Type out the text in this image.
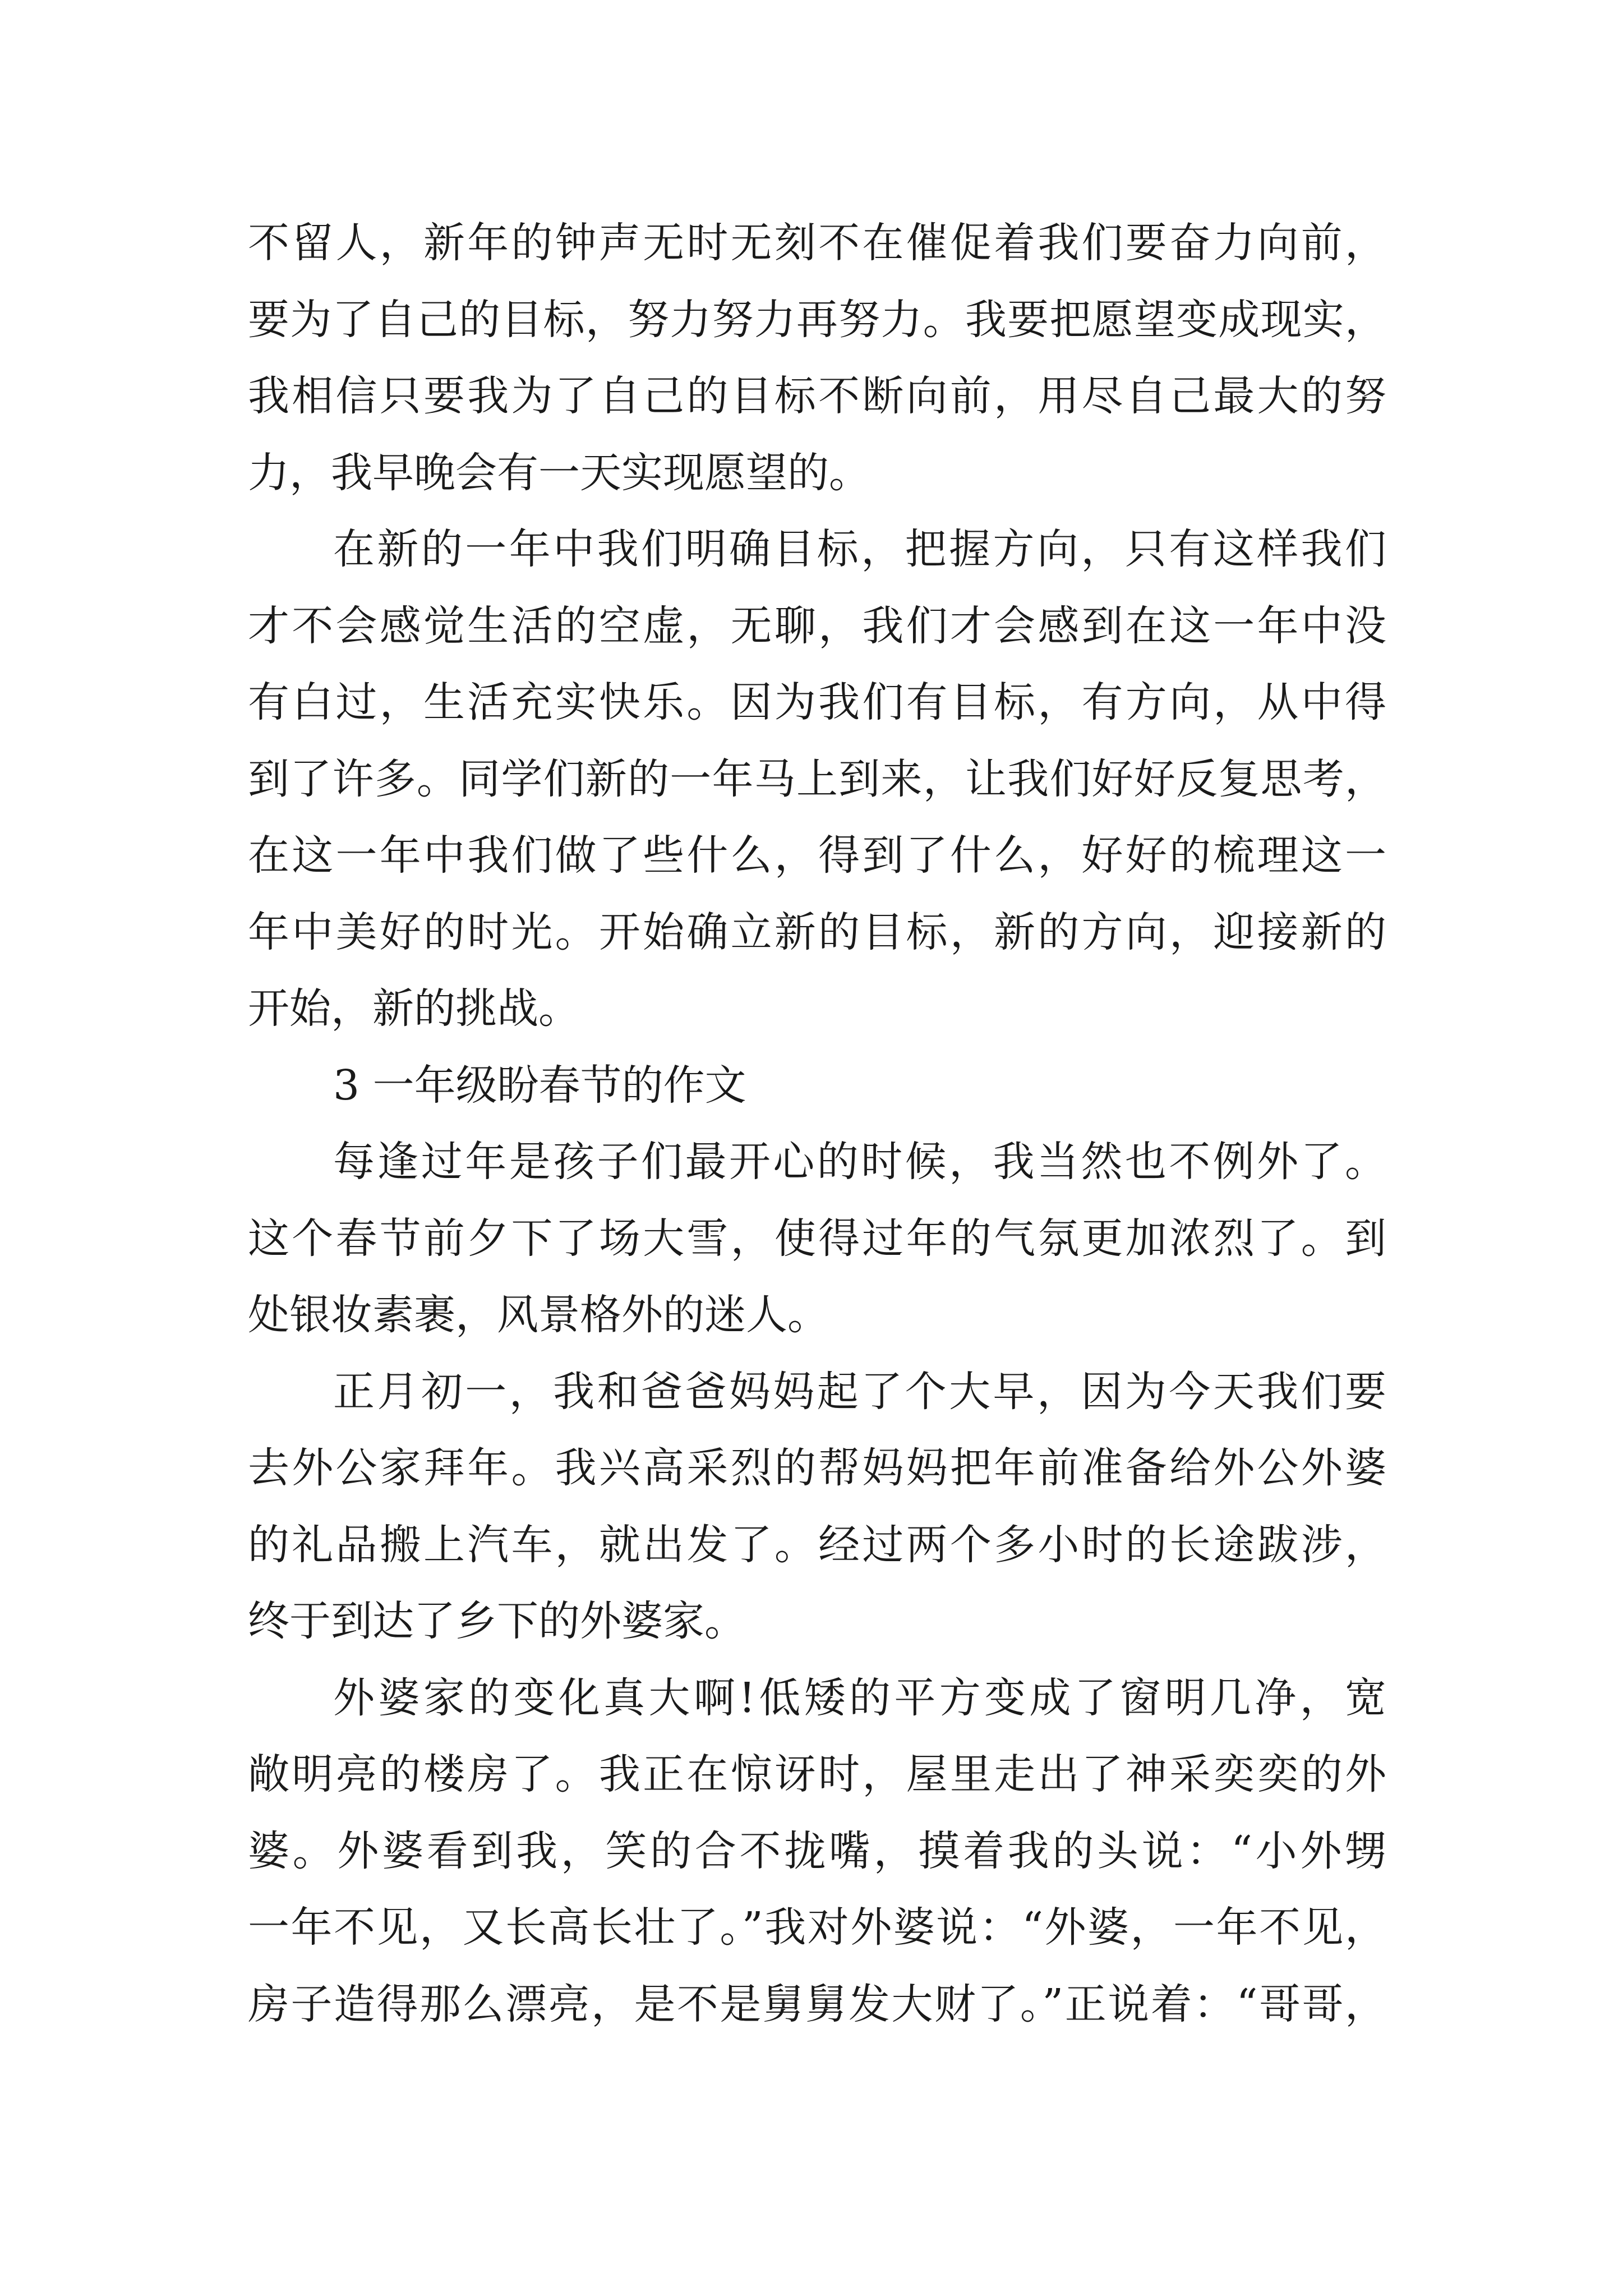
不留人，新年的钟声无时无刻不在催促着我们要奋力向前，
要为了自己的目标，努力努力再努力。我要把愿望变成现实，
我相信只要我为了自己的目标不断向前，用尽自己最大的努
力，我早晚会有一天实现愿望的。
在新的一年中我们明确目标，把握方向，只有这样我们
才不会感觉生活的空虚，无聊，我们才会感到在这一年中没
有白过，生活充实快乐。因为我们有目标，有方向，从中得
到了许多。同学们新的一年马上到来，让我们好好反复思考，
在这一年中我们做了些什么，得到了什么，好好的梳理这一
年中美好的时光。开始确立新的目标，新的方向，迎接新的
开始，新的挑战。
3 一年级盼春节的作文
每逢过年是孩子们最开心的时候，我当然也不例外了。
这个春节前夕下了场大雪，使得过年的气氛更加浓烈了。到
处银妆素裹，风景格外的迷人。
正月初一，我和爸爸妈妈起了个大早，因为今天我们要
去外公家拜年。我兴高采烈的帮妈妈把年前准备给外公外婆
的礼品搬上汽车，就出发了。经过两个多小时的长途跋涉，
终于到达了乡下的外婆家。
外婆家的变化真大啊!低矮的平方变成了窗明几净，宽
敞明亮的楼房了。我正在惊讶时，屋里走出了神采奕奕的外
婆。外婆看到我，笑的合不拢嘴，摸着我的头说：“小外甥
一年不见，又长高长壮了。”我对外婆说：“外婆，一年不见，
房子造得那么漂亮，是不是舅舅发大财了。”正说着：“哥哥，
